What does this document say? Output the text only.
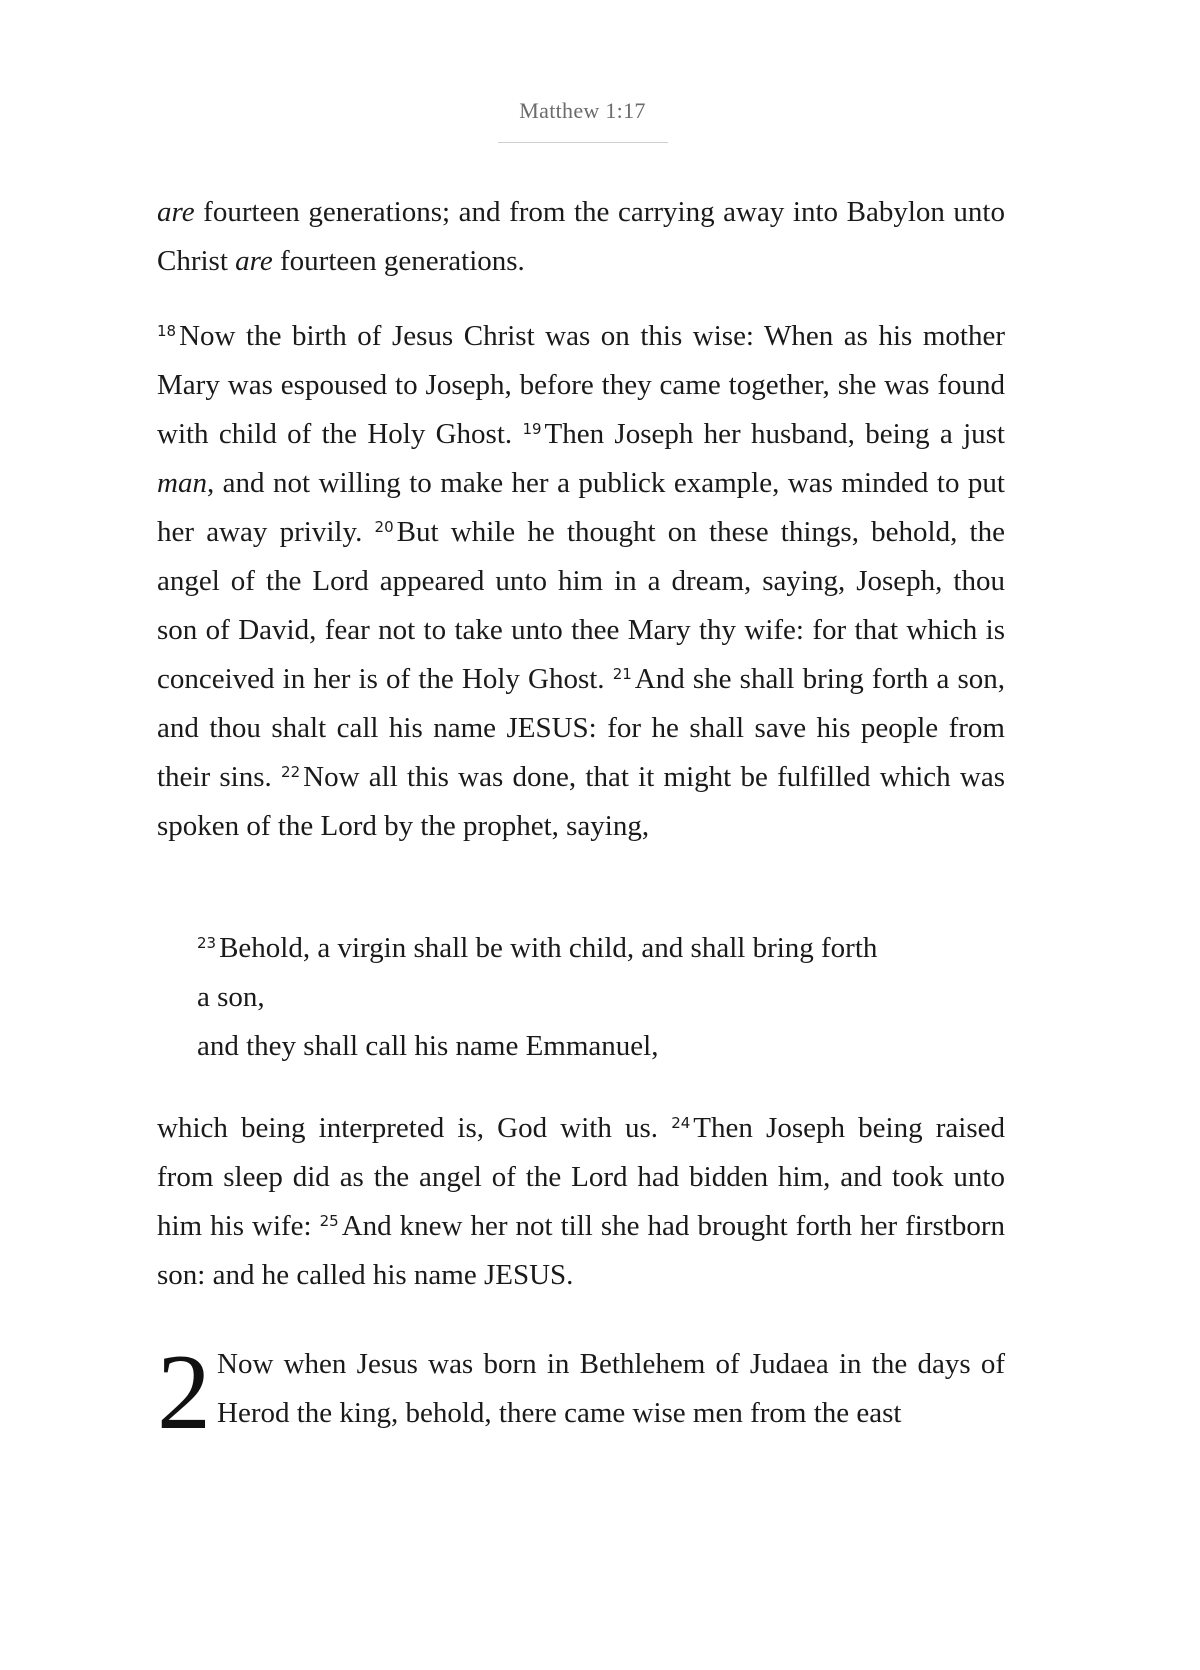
Matthew 1:17

are fourteen generations; and from the carrying away into Babylon unto Christ are fourteen generations.

$^{18}$ Now the birth of Jesus Christ was on this wise: When as his mother Mary was espoused to Joseph, before they came together, she was found with child of the Holy Ghost. $^{19}$ Then Joseph her husband, being a just man, and not willing to make her a publick example, was minded to put her away privily. $^{20}$ But while he thought on these things, behold, the angel of the Lord appeared unto him in a dream, saying, Joseph, thou son of David, fear not to take unto thee Mary thy wife: for that which is conceived in her is of the Holy Ghost. $^{21}$ And she shall bring forth a son, and thou shalt call his name JESUS: for he shall save his people from their sins. $^{22}$ Now all this was done, that it might be fulfilled which was spoken of the Lord by the prophet, saying,

$^{23}$ Behold, a virgin shall be with child, and shall bring forth
a son,
and they shall call his name Emmanuel,

which being interpreted is, God with us. $^{24}$ Then Joseph being raised from sleep did as the angel of the Lord had bidden him, and took unto him his wife: $^{25}$ And knew her not till she had brought forth her firstborn son: and he called his name JESUS.

2 Now when Jesus was born in Bethlehem of Judaea in the days of Herod the king, behold, there came wise men from the east
